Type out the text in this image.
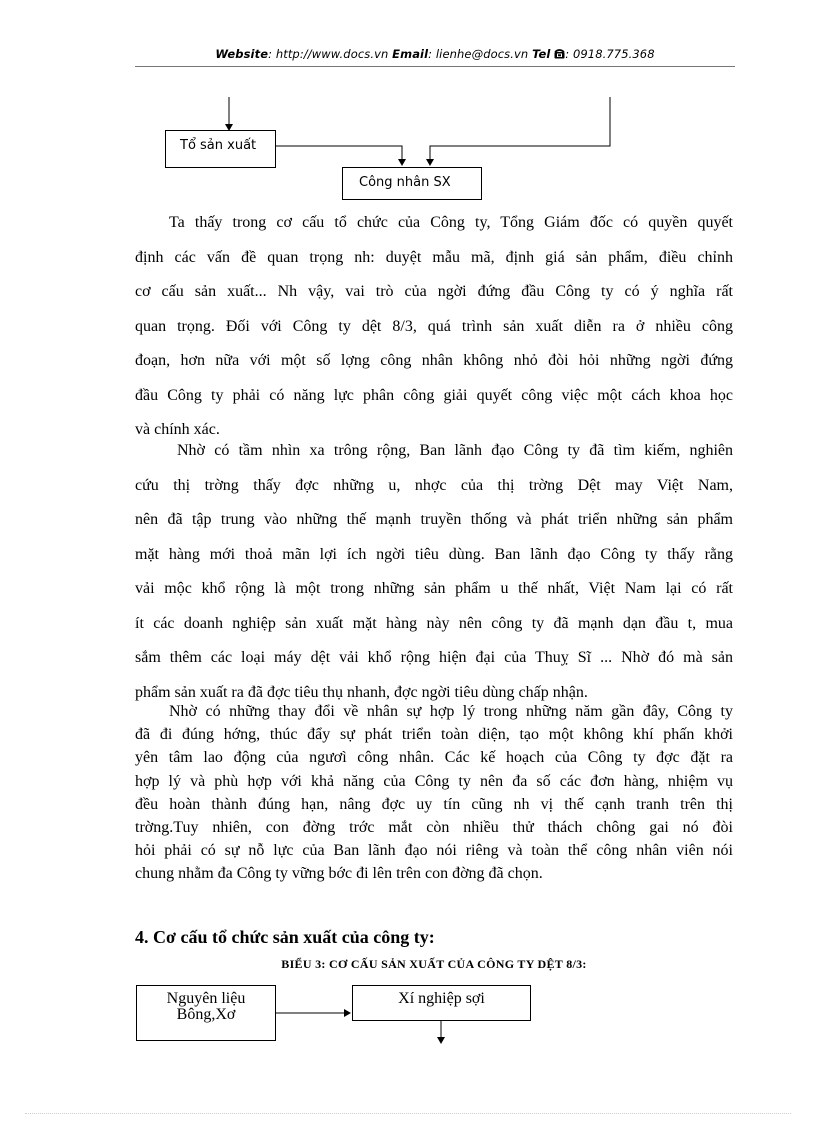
Website: http://www.docs.vn Email: lienhe@docs.vn Tel : 0918.775.368
Tổ sản xuất
Công nhân SX
Ta thấy trong cơ cấu tổ chức của Công ty, Tổng Giám đốc có quyền quyết
định các vấn đề quan trọng nh: duyệt mẫu mã, định giá sản phẩm, điều chỉnh
cơ cấu sản xuất... Nh vậy, vai trò của ngời đứng đầu Công ty có ý nghĩa rất
quan trọng. Đối với Công ty dệt 8/3, quá trình sản xuất diễn ra ở nhiều công
đoạn, hơn nữa với một số lợng công nhân không nhỏ đòi hỏi những ngời đứng
đầu Công ty phải có năng lực phân công giải quyết công việc một cách khoa học
và chính xác.
Nhờ có tầm nhìn xa trông rộng, Ban lãnh đạo Công ty đã tìm kiếm, nghiên
cứu thị trờng thấy đợc những u, nhợc của thị trờng Dệt may Việt Nam,
nên đã tập trung vào những thế mạnh truyền thống và phát triển những sản phẩm
mặt hàng mới thoả mãn lợi ích ngời tiêu dùng. Ban lãnh đạo Công ty thấy rằng
vải mộc khổ rộng là một trong những sản phẩm u thế nhất, Việt Nam lại có rất
ít các doanh nghiệp sản xuất mặt hàng này nên công ty đã mạnh dạn đầu t, mua
sắm thêm các loại máy dệt vải khổ rộng hiện đại của Thuỵ Sĩ ... Nhờ đó mà sản
phẩm sản xuất ra đã đợc tiêu thụ nhanh, đợc ngời tiêu dùng chấp nhận.
Nhờ có những thay đổi về nhân sự hợp lý trong những năm gần đây, Công ty
đã đi đúng hớng, thúc đẩy sự phát triển toàn diện, tạo một không khí phấn khởi
yên tâm lao động của ngươì công nhân. Các kế hoạch của Công ty đợc đặt ra
hợp lý và phù hợp với khả năng của Công ty nên đa số các đơn hàng, nhiệm vụ
đều hoàn thành đúng hạn, nâng đợc uy tín cũng nh vị thế cạnh tranh trên thị
trờng.Tuy nhiên, con đờng trớc mắt còn nhiều thử thách chông gai nó đòi
hỏi phải có sự nỗ lực của Ban lãnh đạo nói riêng và toàn thể công nhân viên nói
chung nhằm đa Công ty vững bớc đi lên trên con đờng đã chọn.
4. Cơ cấu tổ chức sản xuất của công ty:
BIỂU 3: CƠ CẤU SẢN XUẤT CỦA CÔNG TY DỆT 8/3:
Nguyên liệu
Bông,Xơ
Xí nghiệp sợi
